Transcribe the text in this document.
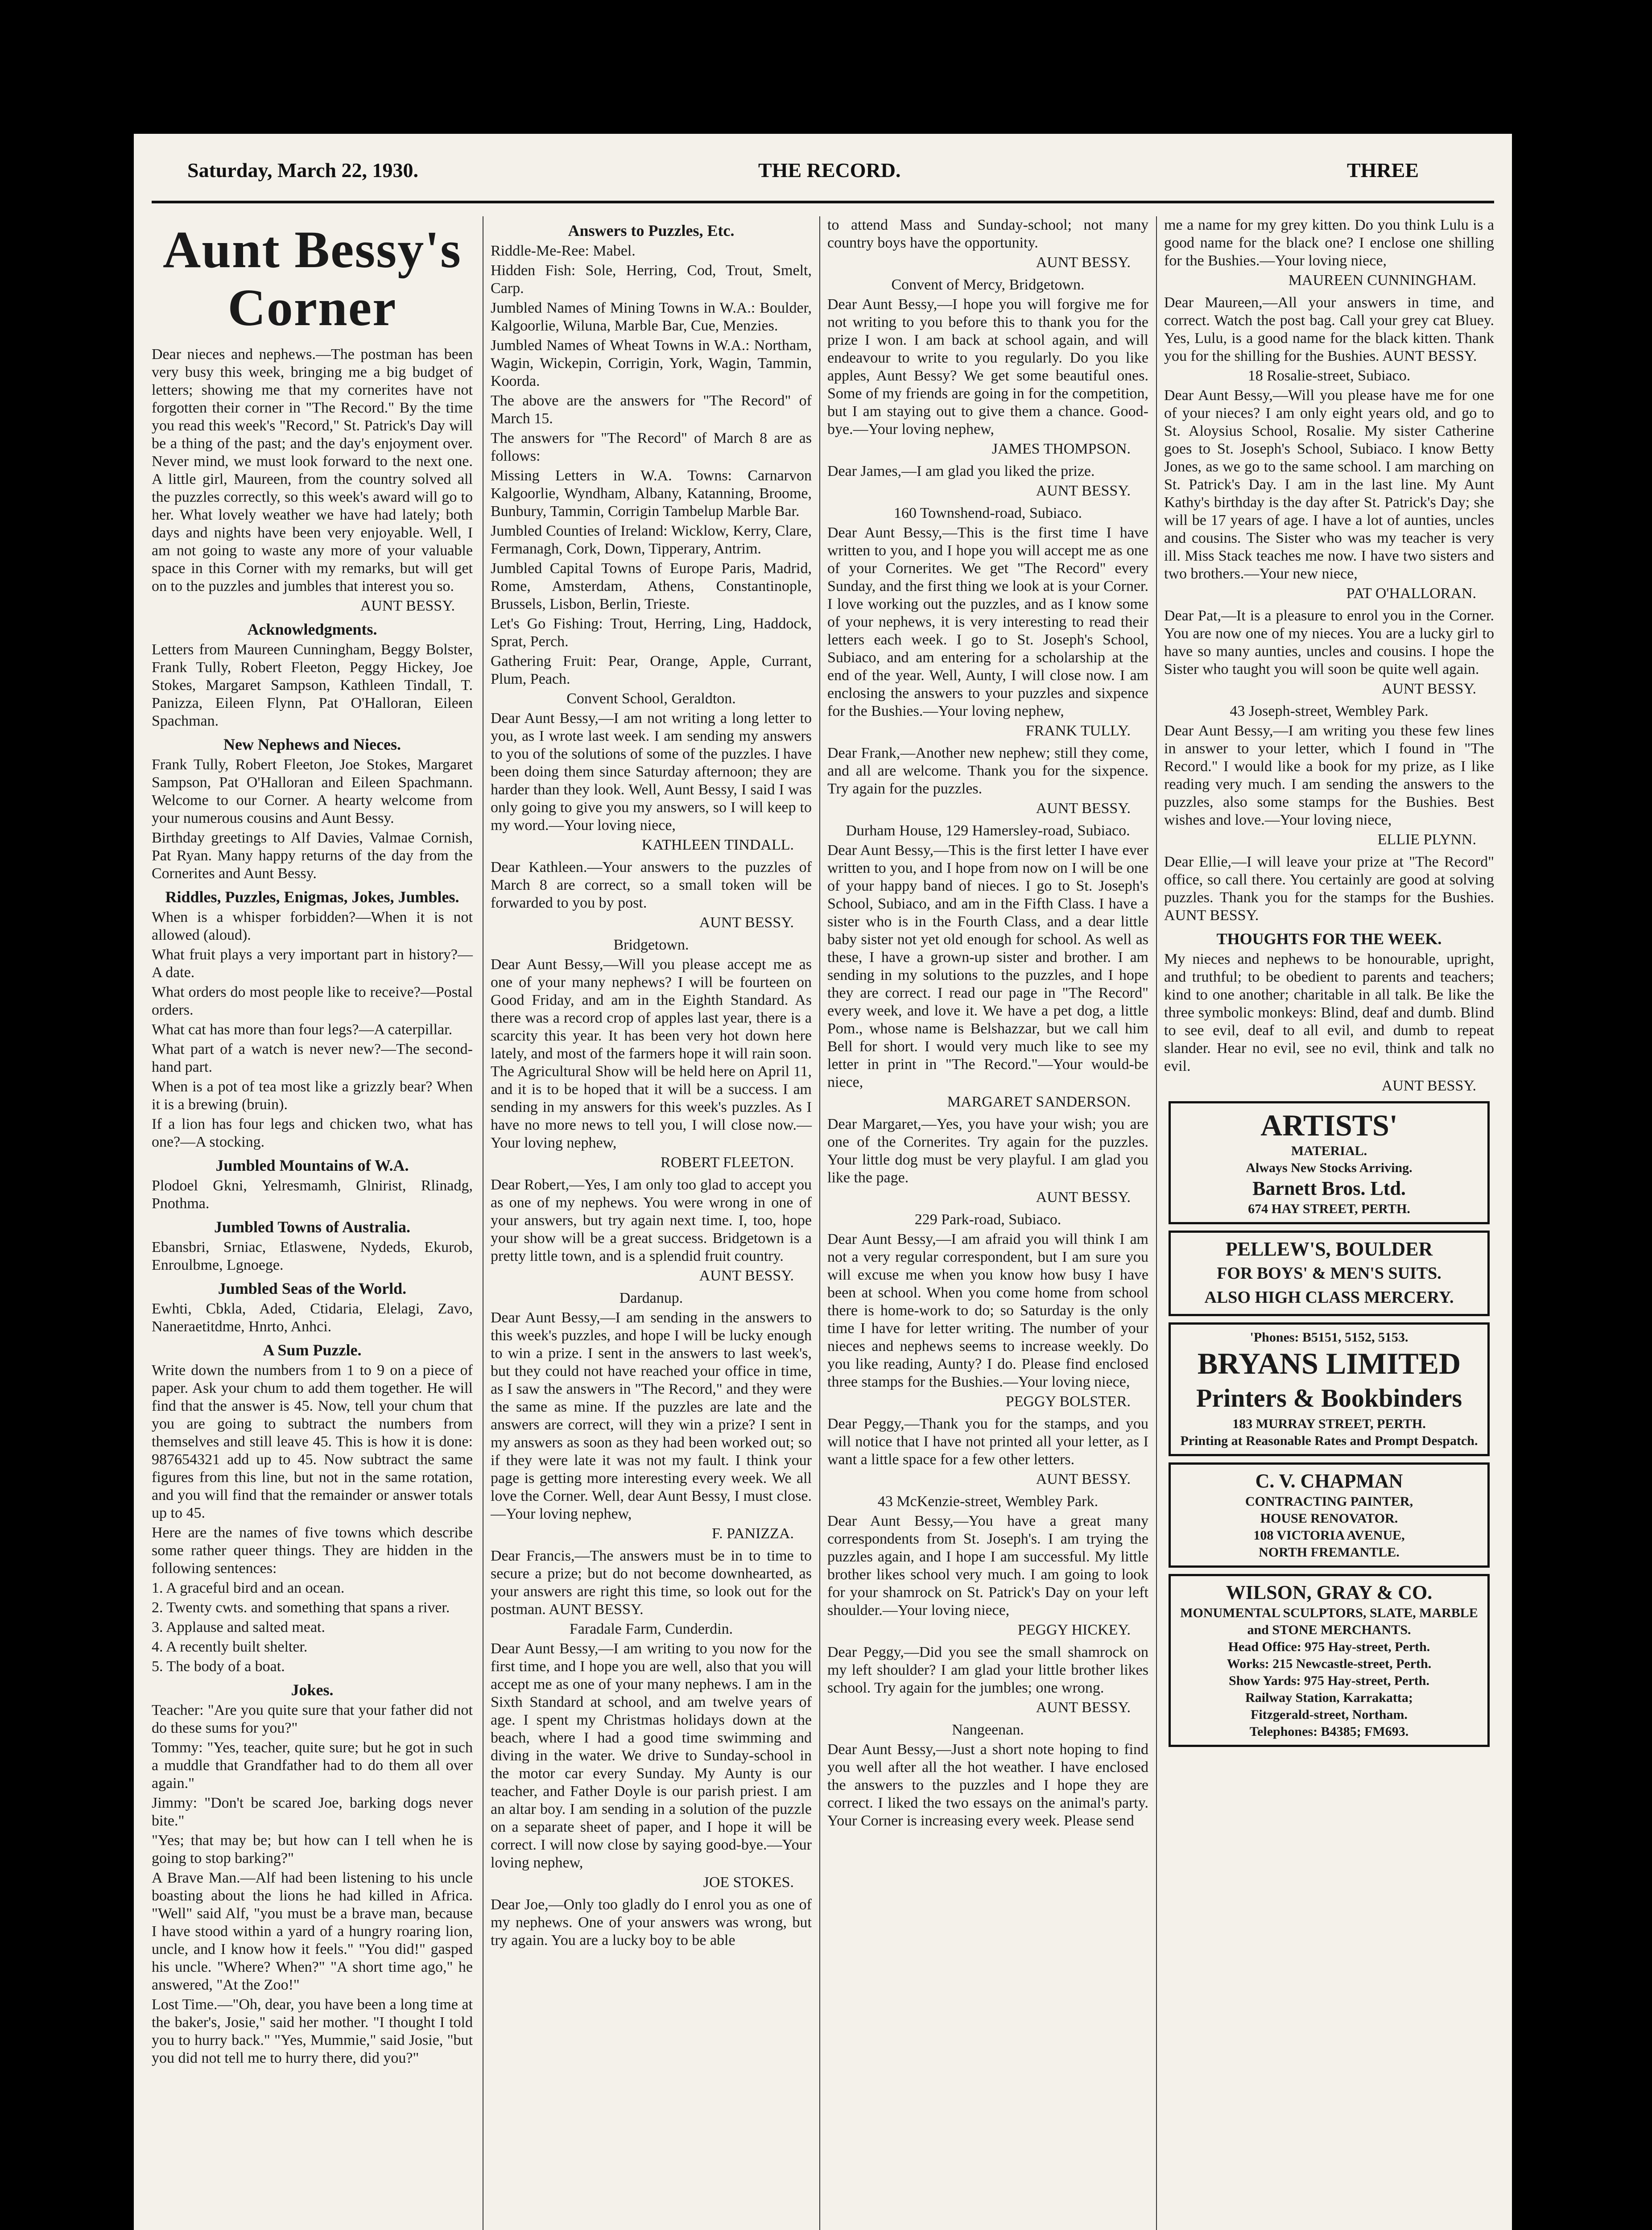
Saturday, March 22, 1930.	THE RECORD.	THREE
Aunt Bessy's Corner

Dear nieces and nephews.—The postman has been very busy this week, bringing me a big budget of letters; showing me that my cornerites have not forgotten their corner in "The Record." By the time you read this week's "Record," St. Patrick's Day will be a thing of the past; and the day's enjoyment over. Never mind, we must look forward to the next one. A little girl, Maureen, from the country solved all the puzzles correctly, so this week's award will go to her. What lovely weather we have had lately; both days and nights have been very enjoyable. Well, I am not going to waste any more of your valuable space in this Corner with my remarks, but will get on to the puzzles and jumbles that interest you so.

AUNT BESSY.

Acknowledgments.

Letters from Maureen Cunningham, Beggy Bolster, Frank Tully, Robert Fleeton, Peggy Hickey, Joe Stokes, Margaret Sampson, Kathleen Tindall, T. Panizza, Eileen Flynn, Pat O'Halloran, Eileen Spachman.

New Nephews and Nieces.

Frank Tully, Robert Fleeton, Joe Stokes, Margaret Sampson, Pat O'Halloran and Eileen Spachmann. Welcome to our Corner. A hearty welcome from your numerous cousins and Aunt Bessy.

Birthday greetings to Alf Davies, Valmae Cornish, Pat Ryan. Many happy returns of the day from the Cornerites and Aunt Bessy.

Riddles, Puzzles, Enigmas, Jokes, Jumbles.

When is a whisper forbidden?—When it is not allowed (aloud).

What fruit plays a very important part in history?—A date.

What orders do most people like to receive?—Postal orders.

What cat has more than four legs?—A caterpillar.

What part of a watch is never new?—The second-hand part.

When is a pot of tea most like a grizzly bear? When it is a brewing (bruin).

If a lion has four legs and chicken two, what has one?—A stocking.

Jumbled Mountains of W.A.

Plodoel Gkni, Yelresmamh, Glnirist, Rlinadg, Pnothma.

Jumbled Towns of Australia.

Ebansbri, Srniac, Etlaswene, Nydeds, Ekurob, Enroulbme, Lgnoege.

Jumbled Seas of the World.

Ewhti, Cbkla, Aded, Ctidaria, Elelagi, Zavo, Naneraetitdme, Hnrto, Anhci.

A Sum Puzzle.

Write down the numbers from 1 to 9 on a piece of paper. Ask your chum to add them together. He will find that the answer is 45. Now, tell your chum that you are going to subtract the numbers from themselves and still leave 45. This is how it is done: 987654321 add up to 45. Now subtract the same figures from this line, but not in the same rotation, and you will find that the remainder or answer totals up to 45.

Here are the names of five towns which describe some rather queer things. They are hidden in the following sentences:

1. A graceful bird and an ocean.

2. Twenty cwts. and something that spans a river.

3. Applause and salted meat.

4. A recently built shelter.

5. The body of a boat.

Jokes.

Teacher: "Are you quite sure that your father did not do these sums for you?"

Tommy: "Yes, teacher, quite sure; but he got in such a muddle that Grandfather had to do them all over again."

Jimmy: "Don't be scared Joe, barking dogs never bite."

"Yes; that may be; but how can I tell when he is going to stop barking?"

A Brave Man.—Alf had been listening to his uncle boasting about the lions he had killed in Africa. "Well" said Alf, "you must be a brave man, because I have stood within a yard of a hungry roaring lion, uncle, and I know how it feels." "You did!" gasped his uncle. "Where? When?" "A short time ago," he answered, "At the Zoo!"

Lost Time.—"Oh, dear, you have been a long time at the baker's, Josie," said her mother. "I thought I told you to hurry back." "Yes, Mummie," said Josie, "but you did not tell me to hurry there, did you?"

Answers to Puzzles, Etc.

Riddle-Me-Ree: Mabel.

Hidden Fish: Sole, Herring, Cod, Trout, Smelt, Carp.

Jumbled Names of Mining Towns in W.A.: Boulder, Kalgoorlie, Wiluna, Marble Bar, Cue, Menzies.

Jumbled Names of Wheat Towns in W.A.: Northam, Wagin, Wickepin, Corrigin, York, Wagin, Tammin, Koorda.

The above are the answers for "The Record" of March 15.

The answers for "The Record" of March 8 are as follows:

Missing Letters in W.A. Towns: Carnarvon Kalgoorlie, Wyndham, Albany, Katanning, Broome, Bunbury, Tammin, Corrigin Tambelup Marble Bar.

Jumbled Counties of Ireland: Wicklow, Kerry, Clare, Fermanagh, Cork, Down, Tipperary, Antrim.

Jumbled Capital Towns of Europe Paris, Madrid, Rome, Amsterdam, Athens, Constantinople, Brussels, Lisbon, Berlin, Trieste.

Let's Go Fishing: Trout, Herring, Ling, Haddock, Sprat, Perch.

Gathering Fruit: Pear, Orange, Apple, Currant, Plum, Peach.

Convent School, Geraldton.

Dear Aunt Bessy,—I am not writing a long letter to you, as I wrote last week. I am sending my answers to you of the solutions of some of the puzzles. I have been doing them since Saturday afternoon; they are harder than they look. Well, Aunt Bessy, I said I was only going to give you my answers, so I will keep to my word.—Your loving niece,

KATHLEEN TINDALL.

Dear Kathleen.—Your answers to the puzzles of March 8 are correct, so a small token will be forwarded to you by post.

AUNT BESSY.

Bridgetown.

Dear Aunt Bessy,—Will you please accept me as one of your many nephews? I will be fourteen on Good Friday, and am in the Eighth Standard. As there was a record crop of apples last year, there is a scarcity this year. It has been very hot down here lately, and most of the farmers hope it will rain soon. The Agricultural Show will be held here on April 11, and it is to be hoped that it will be a success. I am sending in my answers for this week's puzzles. As I have no more news to tell you, I will close now.—Your loving nephew,

ROBERT FLEETON.

Dear Robert,—Yes, I am only too glad to accept you as one of my nephews. You were wrong in one of your answers, but try again next time. I, too, hope your show will be a great success. Bridgetown is a pretty little town, and is a splendid fruit country.

AUNT BESSY.

Dardanup.

Dear Aunt Bessy,—I am sending in the answers to this week's puzzles, and hope I will be lucky enough to win a prize. I sent in the answers to last week's, but they could not have reached your office in time, as I saw the answers in "The Record," and they were the same as mine. If the puzzles are late and the answers are correct, will they win a prize? I sent in my answers as soon as they had been worked out; so if they were late it was not my fault. I think your page is getting more interesting every week. We all love the Corner. Well, dear Aunt Bessy, I must close.—Your loving nephew,

F. PANIZZA.

Dear Francis,—The answers must be in to time to secure a prize; but do not become downhearted, as your answers are right this time, so look out for the postman. AUNT BESSY.

Faradale Farm, Cunderdin.

Dear Aunt Bessy,—I am writing to you now for the first time, and I hope you are well, also that you will accept me as one of your many nephews. I am in the Sixth Standard at school, and am twelve years of age. I spent my Christmas holidays down at the beach, where I had a good time swimming and diving in the water. We drive to Sunday-school in the motor car every Sunday. My Aunty is our teacher, and Father Doyle is our parish priest. I am an altar boy. I am sending in a solution of the puzzle on a separate sheet of paper, and I hope it will be correct. I will now close by saying good-bye.—Your loving nephew,

JOE STOKES.

Dear Joe,—Only too gladly do I enrol you as one of my nephews. One of your answers was wrong, but try again. You are a lucky boy to be able

to attend Mass and Sunday-school; not many country boys have the opportunity.

AUNT BESSY.

Convent of Mercy, Bridgetown.

Dear Aunt Bessy,—I hope you will forgive me for not writing to you before this to thank you for the prize I won. I am back at school again, and will endeavour to write to you regularly. Do you like apples, Aunt Bessy? We get some beautiful ones. Some of my friends are going in for the competition, but I am staying out to give them a chance. Good-bye.—Your loving nephew,

JAMES THOMPSON.

Dear James,—I am glad you liked the prize.

AUNT BESSY.

160 Townshend-road, Subiaco.

Dear Aunt Bessy,—This is the first time I have written to you, and I hope you will accept me as one of your Cornerites. We get "The Record" every Sunday, and the first thing we look at is your Corner. I love working out the puzzles, and as I know some of your nephews, it is very interesting to read their letters each week. I go to St. Joseph's School, Subiaco, and am entering for a scholarship at the end of the year. Well, Aunty, I will close now. I am enclosing the answers to your puzzles and sixpence for the Bushies.—Your loving nephew,

FRANK TULLY.

Dear Frank,—Another new nephew; still they come, and all are welcome. Thank you for the sixpence. Try again for the puzzles.

AUNT BESSY.

Durham House, 129 Hamersley-road, Subiaco.

Dear Aunt Bessy,—This is the first letter I have ever written to you, and I hope from now on I will be one of your happy band of nieces. I go to St. Joseph's School, Subiaco, and am in the Fifth Class. I have a sister who is in the Fourth Class, and a dear little baby sister not yet old enough for school. As well as these, I have a grown-up sister and brother. I am sending in my solutions to the puzzles, and I hope they are correct. I read our page in "The Record" every week, and love it. We have a pet dog, a little Pom., whose name is Belshazzar, but we call him Bell for short. I would very much like to see my letter in print in "The Record."—Your would-be niece,

MARGARET SANDERSON.

Dear Margaret,—Yes, you have your wish; you are one of the Cornerites. Try again for the puzzles. Your little dog must be very playful. I am glad you like the page.

AUNT BESSY.

229 Park-road, Subiaco.

Dear Aunt Bessy,—I am afraid you will think I am not a very regular correspondent, but I am sure you will excuse me when you know how busy I have been at school. When you come home from school there is home-work to do; so Saturday is the only time I have for letter writing. The number of your nieces and nephews seems to increase weekly. Do you like reading, Aunty? I do. Please find enclosed three stamps for the Bushies.—Your loving niece,

PEGGY BOLSTER.

Dear Peggy,—Thank you for the stamps, and you will notice that I have not printed all your letter, as I want a little space for a few other letters.

AUNT BESSY.

43 McKenzie-street, Wembley Park.

Dear Aunt Bessy,—You have a great many correspondents from St. Joseph's. I am trying the puzzles again, and I hope I am successful. My little brother likes school very much. I am going to look for your shamrock on St. Patrick's Day on your left shoulder.—Your loving niece,

PEGGY HICKEY.

Dear Peggy,—Did you see the small shamrock on my left shoulder? I am glad your little brother likes school. Try again for the jumbles; one wrong.

AUNT BESSY.

Nangeenan.

Dear Aunt Bessy,—Just a short note hoping to find you well after all the hot weather. I have enclosed the answers to the puzzles and I hope they are correct. I liked the two essays on the animal's party. Your Corner is increasing every week. Please send

me a name for my grey kitten. Do you think Lulu is a good name for the black one? I enclose one shilling for the Bushies.—Your loving niece,

MAUREEN CUNNINGHAM.

Dear Maureen,—All your answers in time, and correct. Watch the post bag. Call your grey cat Bluey. Yes, Lulu, is a good name for the black kitten. Thank you for the shilling for the Bushies. AUNT BESSY.

18 Rosalie-street, Subiaco.

Dear Aunt Bessy,—Will you please have me for one of your nieces? I am only eight years old, and go to St. Aloysius School, Rosalie. My sister Catherine goes to St. Joseph's School, Subiaco. I know Betty Jones, as we go to the same school. I am marching on St. Patrick's Day. I am in the last line. My Aunt Kathy's birthday is the day after St. Patrick's Day; she will be 17 years of age. I have a lot of aunties, uncles and cousins. The Sister who was my teacher is very ill. Miss Stack teaches me now. I have two sisters and two brothers.—Your new niece,

PAT O'HALLORAN.

Dear Pat,—It is a pleasure to enrol you in the Corner. You are now one of my nieces. You are a lucky girl to have so many aunties, uncles and cousins. I hope the Sister who taught you will soon be quite well again.

AUNT BESSY.

43 Joseph-street, Wembley Park.

Dear Aunt Bessy,—I am writing you these few lines in answer to your letter, which I found in "The Record." I would like a book for my prize, as I like reading very much. I am sending the answers to the puzzles, also some stamps for the Bushies. Best wishes and love.—Your loving niece,

ELLIE PLYNN.

Dear Ellie,—I will leave your prize at "The Record" office, so call there. You certainly are good at solving puzzles. Thank you for the stamps for the Bushies. AUNT BESSY.

THOUGHTS FOR THE WEEK.

My nieces and nephews to be honourable, upright, and truthful; to be obedient to parents and teachers; kind to one another; charitable in all talk. Be like the three symbolic monkeys: Blind, deaf and dumb. Blind to see evil, deaf to all evil, and dumb to repeat slander. Hear no evil, see no evil, think and talk no evil.

AUNT BESSY.

ARTISTS'
MATERIAL.
Always New Stocks Arriving.
Barnett Bros. Ltd.
674 HAY STREET, PERTH.
PELLEW'S, BOULDER
FOR BOYS' & MEN'S SUITS.
ALSO HIGH CLASS MERCERY.
'Phones: B5151, 5152, 5153.
BRYANS LIMITED
Printers & Bookbinders
183 MURRAY STREET, PERTH.
Printing at Reasonable Rates and Prompt Despatch.
C. V. CHAPMAN
CONTRACTING PAINTER,
HOUSE RENOVATOR.
108 VICTORIA AVENUE,
NORTH FREMANTLE.
WILSON, GRAY & CO.
MONUMENTAL SCULPTORS, SLATE, MARBLE and STONE MERCHANTS.
Head Office: 975 Hay-street, Perth.
Works: 215 Newcastle-street, Perth.
Show Yards: 975 Hay-street, Perth.
Railway Station, Karrakatta;
Fitzgerald-street, Northam.
Telephones: B4385; FM693.
